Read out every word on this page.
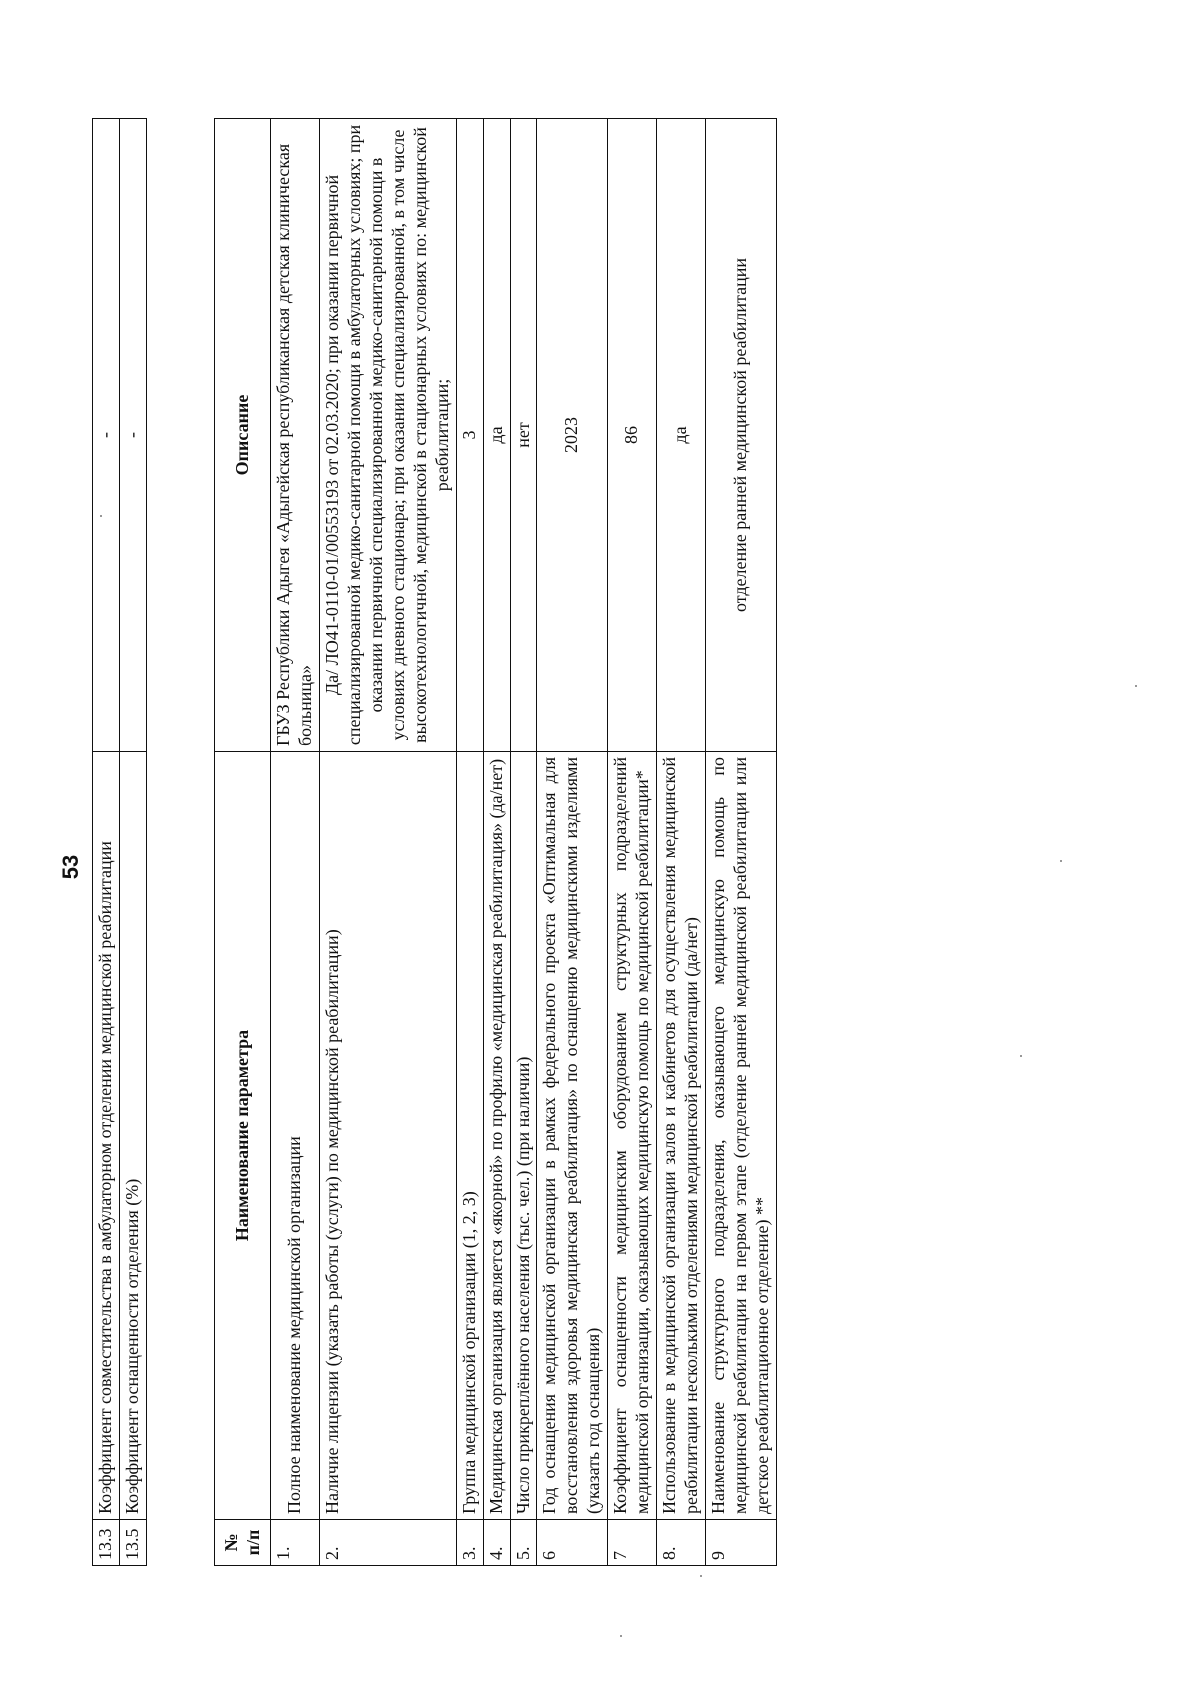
53
13.3	Коэффициент совместительства в амбулаторном отделении медицинской реабилитации	-
13.5	Коэффициент оснащенности отделения (%)	-
№ п/п	Наименование параметра	Описание
1.	Полное наименование медицинской организации	ГБУЗ Республики Адыгея «Адыгейская республиканская детская клиническая больница»
2.	Наличие лицензии (указать работы (услуги) по медицинской реабилитации)	Да/ ЛО41-0110-01/00553193 от 02.03.2020; при оказании первичной специализированной медико-санитарной помощи в амбулаторных условиях; при оказании первичной специализированной медико-санитарной помощи в условиях дневного стационара; при оказании специализированной, в том числе высокотехнологичной, медицинской в стационарных условиях по: медицинской реабилитации;
3.	Группа медицинской организации (1, 2, 3)	3
4.	Медицинская организация является «якорной» по профилю «медицинская реабилитация» (да/нет)	да
5.	Число прикреплённого населения (тыс. чел.) (при наличии)	нет
6	Год оснащения медицинской организации в рамках федерального проекта «Оптимальная для восстановления здоровья медицинская реабилитация» по оснащению медицинскими изделиями (указать год оснащения)	2023
7	Коэффициент оснащенности медицинским оборудованием структурных подразделений медицинской организации, оказывающих медицинскую помощь по медицинской реабилитации*	86
8.	Использование в медицинской организации залов и кабинетов для осуществления медицинской реабилитации несколькими отделениями медицинской реабилитации (да/нет)	да
9	Наименование структурного подразделения, оказывающего медицинскую помощь по медицинской реабилитации на первом этапе (отделение ранней медицинской реабилитации или детское реабилитационное отделение) **	отделение ранней медицинской реабилитации
